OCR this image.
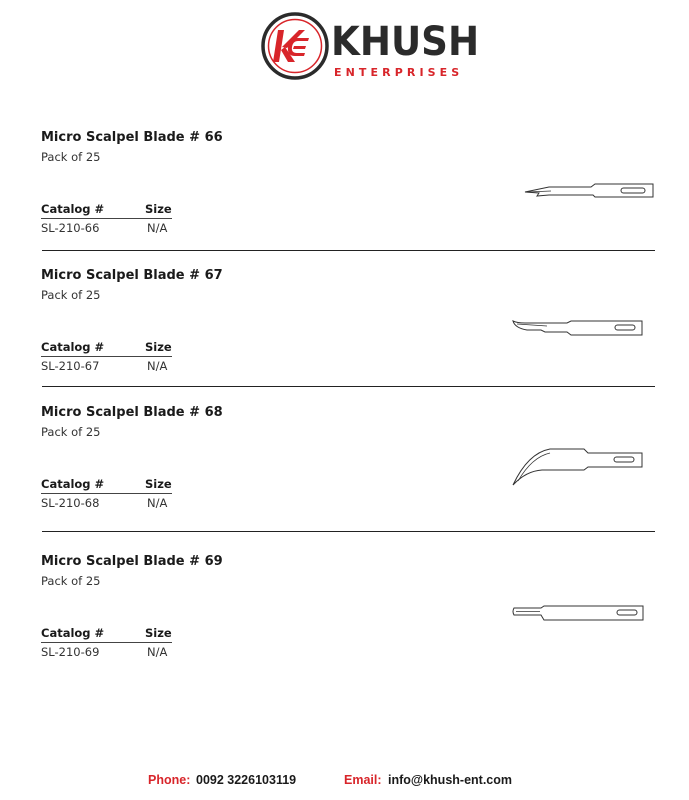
KE
KHUSH
ENTERPRISES
Micro Scalpel Blade # 66
Pack of 25
Catalog #	Size
SL-210-66	N/A
Micro Scalpel Blade # 67
Pack of 25
Catalog #	Size
SL-210-67	N/A
Micro Scalpel Blade # 68
Pack of 25
Catalog #	Size
SL-210-68	N/A
Micro Scalpel Blade # 69
Pack of 25
Catalog #	Size
SL-210-69	N/A
Phone: 0092 3226103119	Email: info@khush-ent.com
